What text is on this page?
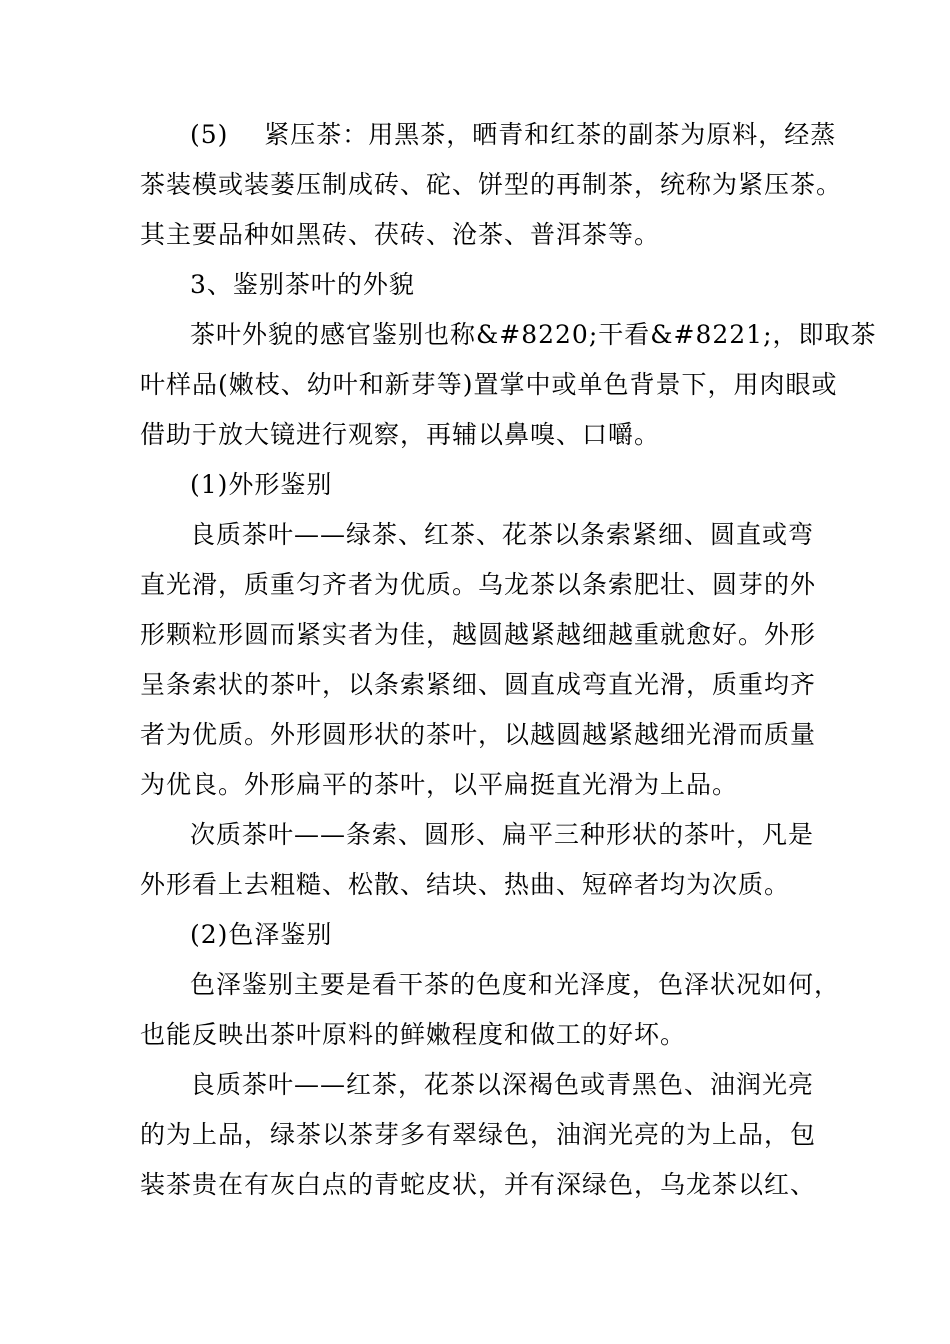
(5)    紧压茶：用黑茶，晒青和红茶的副茶为原料，经蒸
茶装模或装蒌压制成砖、砣、饼型的再制茶，统称为紧压茶。
其主要品种如黑砖、茯砖、沧茶、普洱茶等。
3、鉴别茶叶的外貌
茶叶外貌的感官鉴别也称&#8220;干看&#8221;，即取茶
叶样品(嫩枝、幼叶和新芽等)置掌中或单色背景下，用肉眼或
借助于放大镜进行观察，再辅以鼻嗅、口嚼。
(1)外形鉴别
良质茶叶——绿茶、红茶、花茶以条索紧细、圆直或弯
直光滑，质重匀齐者为优质。乌龙茶以条索肥壮、圆芽的外
形颗粒形圆而紧实者为佳，越圆越紧越细越重就愈好。外形
呈条索状的茶叶，以条索紧细、圆直成弯直光滑，质重均齐
者为优质。外形圆形状的茶叶，以越圆越紧越细光滑而质量
为优良。外形扁平的茶叶，以平扁挺直光滑为上品。
次质茶叶——条索、圆形、扁平三种形状的茶叶，凡是
外形看上去粗糙、松散、结块、热曲、短碎者均为次质。
(2)色泽鉴别
色泽鉴别主要是看干茶的色度和光泽度，色泽状况如何，
也能反映出茶叶原料的鲜嫩程度和做工的好坏。
良质茶叶——红茶，花茶以深褐色或青黑色、油润光亮
的为上品，绿茶以茶芽多有翠绿色，油润光亮的为上品，包
装茶贵在有灰白点的青蛇皮状，并有深绿色，乌龙茶以红、
